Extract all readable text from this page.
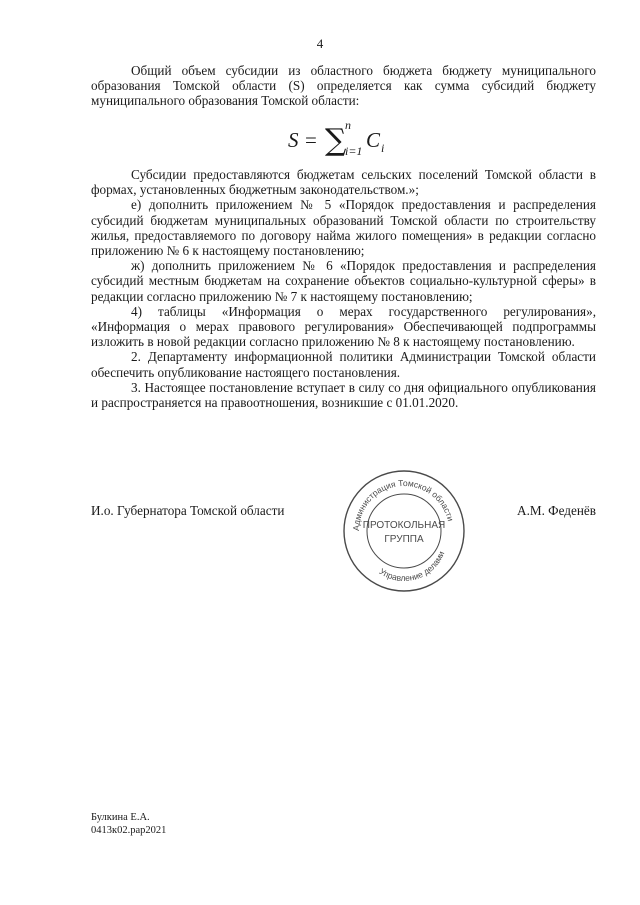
4

Общий объем субсидии из областного бюджета бюджету муниципального образования Томской области (S) определяется как сумма субсидий бюджету муниципального образования Томской области:

S = ∑
n
i=1 C i

Субсидии предоставляются бюджетам сельских поселений Томской области в формах, установленных бюджетным законодательством.»;

е) дополнить приложением № 5 «Порядок предоставления и распределения субсидий бюджетам муниципальных образований Томской области по строительству жилья, предоставляемого по договору найма жилого помещения» в редакции согласно приложению № 6 к настоящему постановлению;

ж) дополнить приложением № 6 «Порядок предоставления и распределения субсидий местным бюджетам на сохранение объектов социально-культурной сферы» в редакции согласно приложению № 7 к настоящему постановлению;

4) таблицы «Информация о мерах государственного регулирования», «Информация о мерах правового регулирования» Обеспечивающей подпрограммы изложить в новой редакции согласно приложению № 8 к настоящему постановлению.

2. Департаменту информационной политики Администрации Томской области обеспечить опубликование настоящего постановления.

3. Настоящее постановление вступает в силу со дня официального опубликования и распространяется на правоотношения, возникшие с 01.01.2020.

И.о. Губернатора Томской области	А.М. Феденёв
Администрация Томской области
Управление делами
ПРОТОКОЛЬНАЯ
ГРУППА
Булкина Е.А.
0413к02.рар2021
